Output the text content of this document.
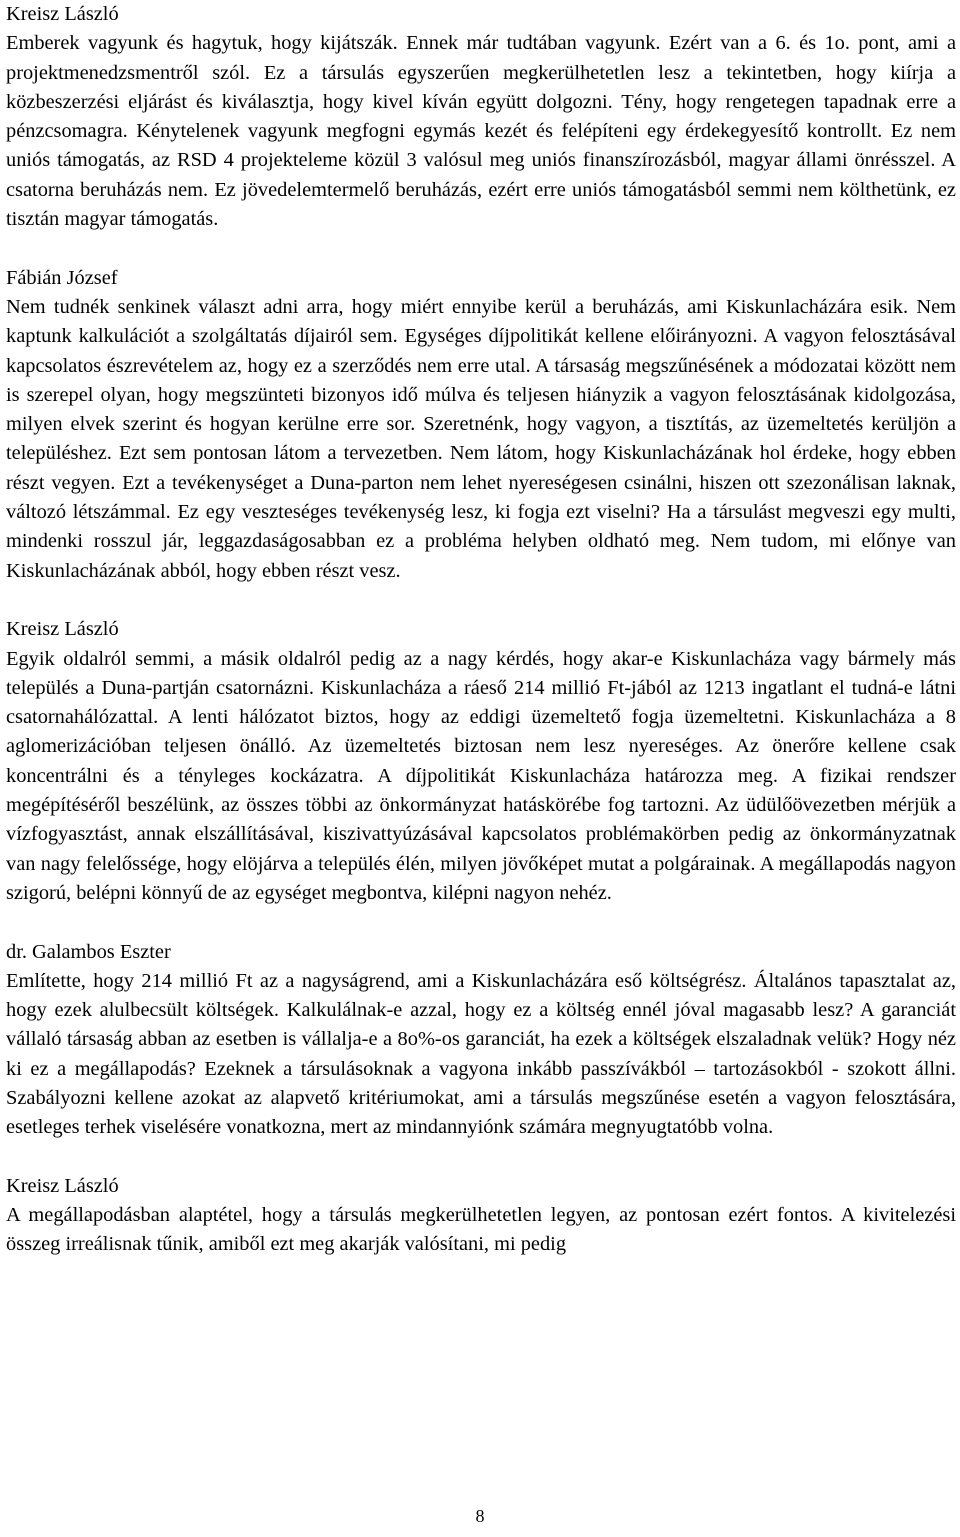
Kreisz László

Emberek vagyunk és hagytuk, hogy kijátszák. Ennek már tudtában vagyunk. Ezért van a 6. és 1o. pont, ami a projektmenedzsmentről szól. Ez a társulás egyszerűen megkerülhetetlen lesz a tekintetben, hogy kiírja a közbeszerzési eljárást és kiválasztja, hogy kivel kíván együtt dolgozni. Tény, hogy rengetegen tapadnak erre a pénzcsomagra. Kénytelenek vagyunk megfogni egymás kezét és felépíteni egy érdekegyesítő kontrollt. Ez nem uniós támogatás, az RSD 4 projekteleme közül 3 valósul meg uniós finanszírozásból, magyar állami önrésszel. A csatorna beruházás nem. Ez jövedelemtermelő beruházás, ezért erre uniós támogatásból semmi nem költhetünk, ez tisztán magyar támogatás.

Fábián József

Nem tudnék senkinek választ adni arra, hogy miért ennyibe kerül a beruházás, ami Kiskunlacházára esik. Nem kaptunk kalkulációt a szolgáltatás díjairól sem. Egységes díjpolitikát kellene előirányozni. A vagyon felosztásával kapcsolatos észrevételem az, hogy ez a szerződés nem erre utal. A társaság megszűnésének a módozatai között nem is szerepel olyan, hogy megszünteti bizonyos idő múlva és teljesen hiányzik a vagyon felosztásának kidolgozása, milyen elvek szerint és hogyan kerülne erre sor. Szeretnénk, hogy vagyon, a tisztítás, az üzemeltetés kerüljön a településhez. Ezt sem pontosan látom a tervezetben. Nem látom, hogy Kiskunlacházának hol érdeke, hogy ebben részt vegyen. Ezt a tevékenységet a Duna-parton nem lehet nyereségesen csinálni, hiszen ott szezonálisan laknak, változó létszámmal. Ez egy veszteséges tevékenység lesz, ki fogja ezt viselni? Ha a társulást megveszi egy multi, mindenki rosszul jár, leggazdaságosabban ez a probléma helyben oldható meg. Nem tudom, mi előnye van Kiskunlacházának abból, hogy ebben részt vesz.

Kreisz László

Egyik oldalról semmi, a másik oldalról pedig az a nagy kérdés, hogy akar-e Kiskunlacháza vagy bármely más település a Duna-partján csatornázni. Kiskunlacháza a ráeső 214 millió Ft-jából az 1213 ingatlant el tudná-e látni csatornahálózattal. A lenti hálózatot biztos, hogy az eddigi üzemeltető fogja üzemeltetni. Kiskunlacháza a 8 aglomerizációban teljesen önálló. Az üzemeltetés biztosan nem lesz nyereséges. Az önerőre kellene csak koncentrálni és a tényleges kockázatra. A díjpolitikát Kiskunlacháza határozza meg. A fizikai rendszer megépítéséről beszélünk, az összes többi az önkormányzat hatáskörébe fog tartozni. Az üdülőövezetben mérjük a vízfogyasztást, annak elszállításával, kiszivattyúzásával kapcsolatos problémakörben pedig az önkormányzatnak van nagy felelőssége, hogy elöjárva a település élén, milyen jövőképet mutat a polgárainak. A megállapodás nagyon szigorú, belépni könnyű de az egységet megbontva, kilépni nagyon nehéz.

dr. Galambos Eszter

Említette, hogy 214 millió Ft az a nagyságrend, ami a Kiskunlacházára eső költségrész. Általános tapasztalat az, hogy ezek alulbecsült költségek. Kalkulálnak-e azzal, hogy ez a költség ennél jóval magasabb lesz? A garanciát vállaló társaság abban az esetben is vállalja-e a 8o%-os garanciát, ha ezek a költségek elszaladnak velük? Hogy néz ki ez a megállapodás? Ezeknek a társulásoknak a vagyona inkább passzívákból – tartozásokból - szokott állni. Szabályozni kellene azokat az alapvető kritériumokat, ami a társulás megszűnése esetén a vagyon felosztására, esetleges terhek viselésére vonatkozna, mert az mindannyiónk számára megnyugtatóbb volna.

Kreisz László

A megállapodásban alaptétel, hogy a társulás megkerülhetetlen legyen, az pontosan ezért fontos. A kivitelezési összeg irreálisnak tűnik, amiből ezt meg akarják valósítani, mi pedig

8
